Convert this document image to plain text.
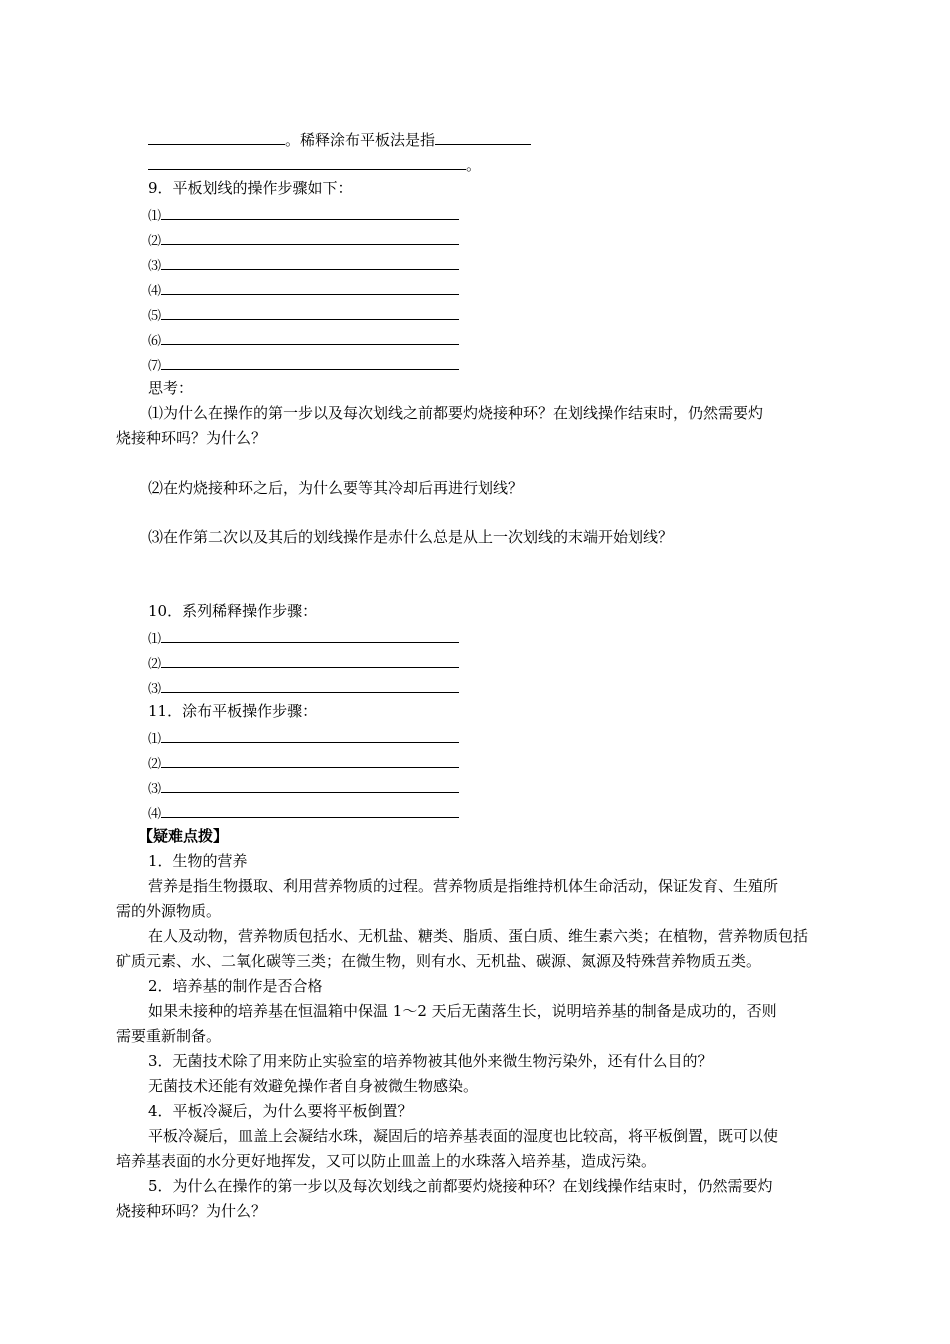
。稀释涂布平板法是指
。
9．平板划线的操作步骤如下：
⑴
⑵
⑶
⑷
⑸
⑹
⑺
思考：
⑴为什么在操作的第一步以及每次划线之前都要灼烧接种环？在划线操作结束时，仍然需要灼
烧接种环吗？为什么？
⑵在灼烧接种环之后，为什么要等其冷却后再进行划线？
⑶在作第二次以及其后的划线操作是赤什么总是从上一次划线的末端开始划线？
10．系列稀释操作步骤：
⑴
⑵
⑶
11．涂布平板操作步骤：
⑴
⑵
⑶
⑷
【疑难点拨】
1．生物的营养
营养是指生物摄取、利用营养物质的过程。营养物质是指维持机体生命活动，保证发育、生殖所
需的外源物质。
在人及动物，营养物质包括水、无机盐、糖类、脂质、蛋白质、维生素六类；在植物，营养物质包括
矿质元素、水、二氧化碳等三类；在微生物，则有水、无机盐、碳源、氮源及特殊营养物质五类。
2．培养基的制作是否合格
如果未接种的培养基在恒温箱中保温 1～2 天后无菌落生长，说明培养基的制备是成功的，否则
需要重新制备。
3．无菌技术除了用来防止实验室的培养物被其他外来微生物污染外，还有什么目的？
无菌技术还能有效避免操作者自身被微生物感染。
4．平板冷凝后，为什么要将平板倒置？
平板冷凝后，皿盖上会凝结水珠，凝固后的培养基表面的湿度也比较高，将平板倒置，既可以使
培养基表面的水分更好地挥发，又可以防止皿盖上的水珠落入培养基，造成污染。
5．为什么在操作的第一步以及每次划线之前都要灼烧接种环？在划线操作结束时，仍然需要灼
烧接种环吗？为什么？
